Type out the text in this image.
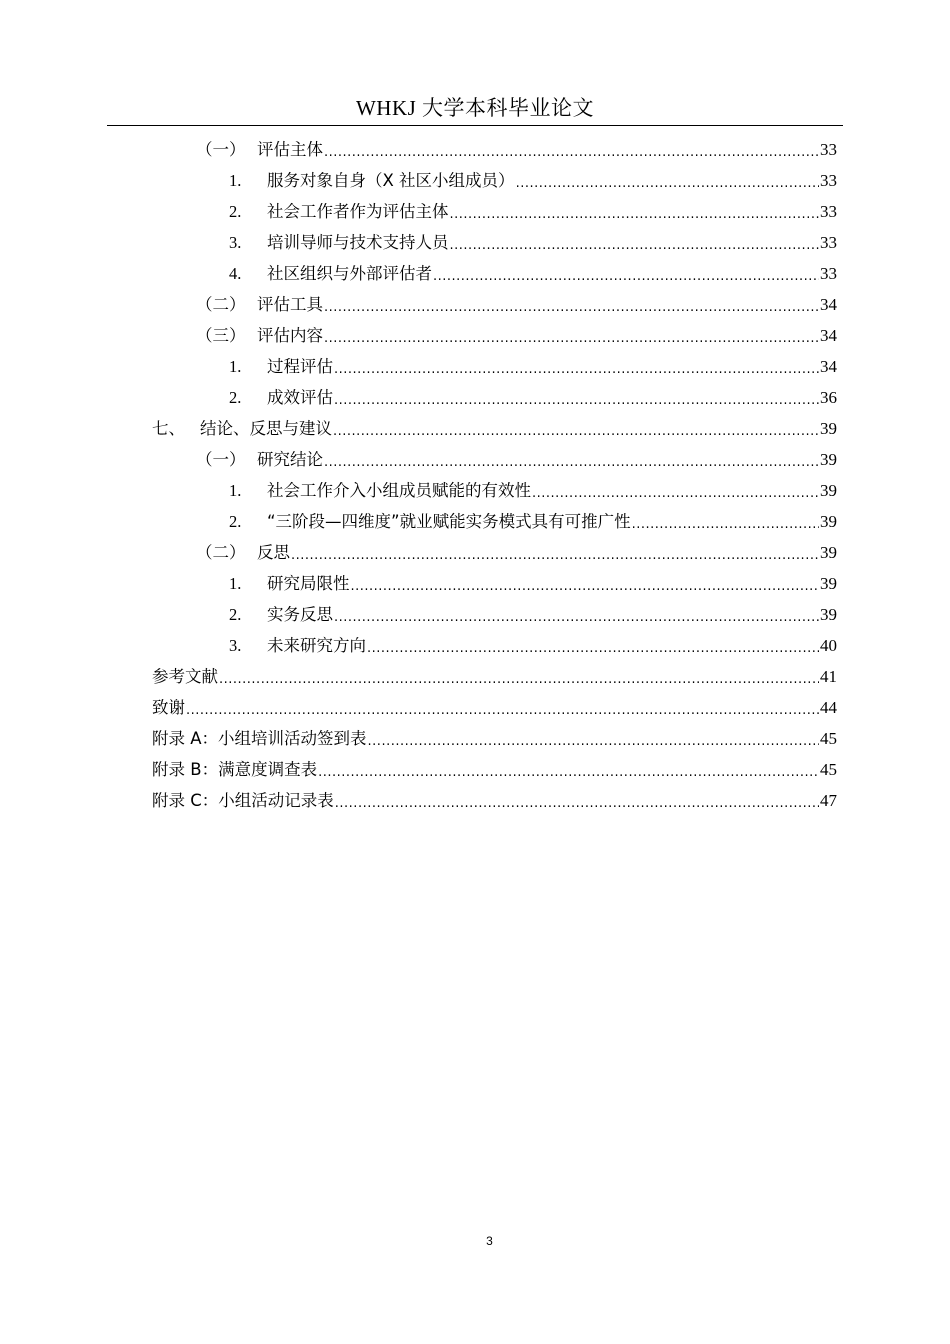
WHKJ 大学本科毕业论文
（一） 评估主体 .....	33
1.	服务对象自身（X 社区小组成员） .....	33
2.	社会工作者作为评估主体 .....	33
3.	培训导师与技术支持人员 .....	33
4.	社区组织与外部评估者 .....	33
（二） 评估工具 .....	34
（三） 评估内容 .....	34
1.	过程评估 .....	34
2.	成效评估 .....	36
七、 结论、反思与建议 .....	39
（一） 研究结论 .....	39
1.	社会工作介入小组成员赋能的有效性 .....	39
2.	“三阶段—四维度”就业赋能实务模式具有可推广性 .....	39
（二） 反思 .....	39
1.	研究局限性 .....	39
2.	实务反思 .....	39
3.	未来研究方向 .....	40
参考文献 .....	41
致谢 .....	44
附录 A：小组培训活动签到表 .....	45
附录 B：满意度调查表 .....	45
附录 C：小组活动记录表 .....	47
3
